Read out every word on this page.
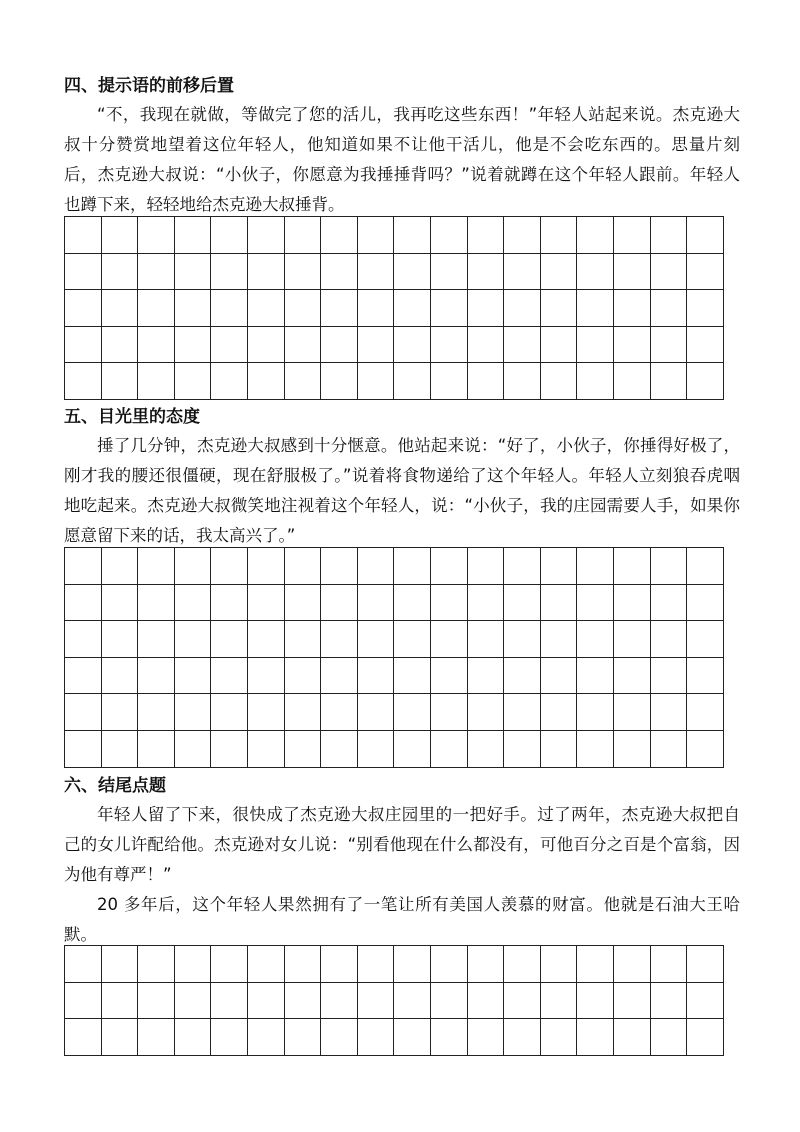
四、提示语的前移后置

“不，我现在就做，等做完了您的活儿，我再吃这些东西！”年轻人站起来说。杰克逊大叔十分赞赏地望着这位年轻人，他知道如果不让他干活儿，他是不会吃东西的。思量片刻后，杰克逊大叔说：“小伙子，你愿意为我捶捶背吗？”说着就蹲在这个年轻人跟前。年轻人也蹲下来，轻轻地给杰克逊大叔捶背。

五、目光里的态度

捶了几分钟，杰克逊大叔感到十分惬意。他站起来说：“好了，小伙子，你捶得好极了，刚才我的腰还很僵硬，现在舒服极了。”说着将食物递给了这个年轻人。年轻人立刻狼吞虎咽地吃起来。杰克逊大叔微笑地注视着这个年轻人，说：“小伙子，我的庄园需要人手，如果你愿意留下来的话，我太高兴了。”

六、结尾点题

年轻人留了下来，很快成了杰克逊大叔庄园里的一把好手。过了两年，杰克逊大叔把自己的女儿许配给他。杰克逊对女儿说：“别看他现在什么都没有，可他百分之百是个富翁，因为他有尊严！”

20 多年后，这个年轻人果然拥有了一笔让所有美国人羡慕的财富。他就是石油大王哈默。
